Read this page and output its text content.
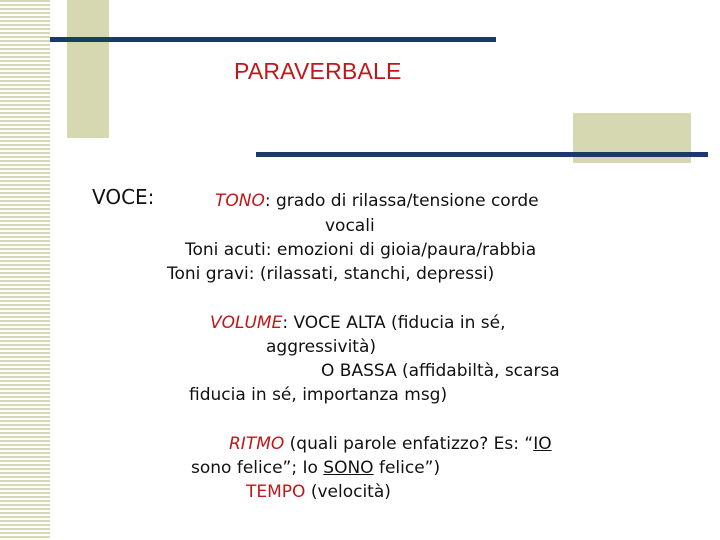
PARAVERBALE
VOCE:	TONO: grado di rilassa/tensione corde
vocali
Toni acuti: emozioni di gioia/paura/rabbia
Toni gravi: (rilassati, stanchi, depressi)
VOLUME: VOCE ALTA (fiducia in sé,
aggressività)
O BASSA (affidabiltà, scarsa
fiducia in sé, importanza msg)
RITMO (quali parole enfatizzo? Es: “IO
sono felice”; Io SONO felice”)
TEMPO (velocità)
